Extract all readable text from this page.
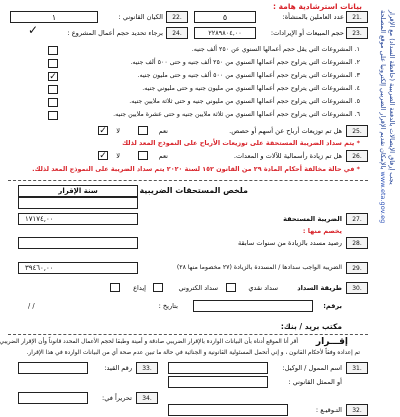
يجب إرفاق الإيصالات بالدفعة الضريبية (حافظة السداد) مع الإقرار
بالإمكان تقديم الإقرار الضريبي إلكترونيا على موقع المصلحة www.eta.gov.eg
بيانات استرشادية هامة :
.21
عدد العاملين بالمنشأة:
٥
.22
الكيان القانوني :
١
.23
حجم المبيعات أو الإيرادات:
٢٢٨٩٨٠٤,٠٠
.24
برجاء تحديد حجم أعمال المشروع :
✓
١. المشروعات التي يقل حجم أعمالها السنوي عن ٢٥٠ ألف جنيه.
٢. المشروعات التي يتراوح حجم أعمالها السنوي من ٢٥٠ ألف جنيه و حتى ٥٠٠ ألف جنيه.
٣. المشروعات التي يتراوح حجم أعمالها السنوي من ٥٠٠ ألف جنيه و حتى مليون جنيه.
✓
٤. المشروعات التي يتراوح حجم أعمالها السنوي من مليون جنيه و حتى مليوني جنيه.
٥. المشروعات التي يتراوح حجم أعمالها السنوي من مليوني جنيه و حتى ثلاثة ملايين جنيه.
٦. المشروعات التي يتراوح حجم أعمالها السنوي من ثلاثة ملايين جنيه و حتى عشرة ملايين جنيه.
.25
هل تم توزيعات أرباح عن أسهم أو حصص.
نعم
لا
✓
* يتم سداد الضريبة المستحقة على توزيعات الأرباح على النموذج المعد لذلك
.26
هل تم زيادة رأسمالية للآلات و المعدات.
نعم
لا
✓
* في حالة مخالفة أحكام المادة ٢٩ من القانون ١٥٢ لسنة ٢٠٢٠ يتم سداد الضريبة على النموذج المعد لذلك.
ملخص المستحقات الضريبية
سنة الإقرار
.27
الضريبة المستحقة
١٧١٧٤,٠٠
يخصم منها :
.28
رصيد مسدد بالزيادة من سنوات سابقة
.29
الضريبة الواجب سدادها / المسددة بالزيادة (٢٧ مخصوما منها ٢٨)
٣٩٤٦٠,٠٠
.30
طريقة السداد
سداد نقدي
سداد الكتروني
إيداع
برقم:
بتاريخ :
/ /
مكتب بريد / بنك:
إقـــرار
أقر أنا الموقع أدناه بأن البيانات الواردة بالإقرار الضريبي صادقة و أمينة وطبقا لحجم الأعمال المحدد قانوناً وأن الإقرار الضريبي
تم إعداده وفقاً لأحكام القانون ، و إني أتحمل المسئولية القانونية و الجنائية في حالة ما تبين عدم صحة أي من البيانات الواردة في هذا الإقرار.
.31
اسم الممول / الوكيل:
.33
رقم القيد:
أو الممثل القانوني :
.34
تحريراً في:
.32
التـوقيـع :
